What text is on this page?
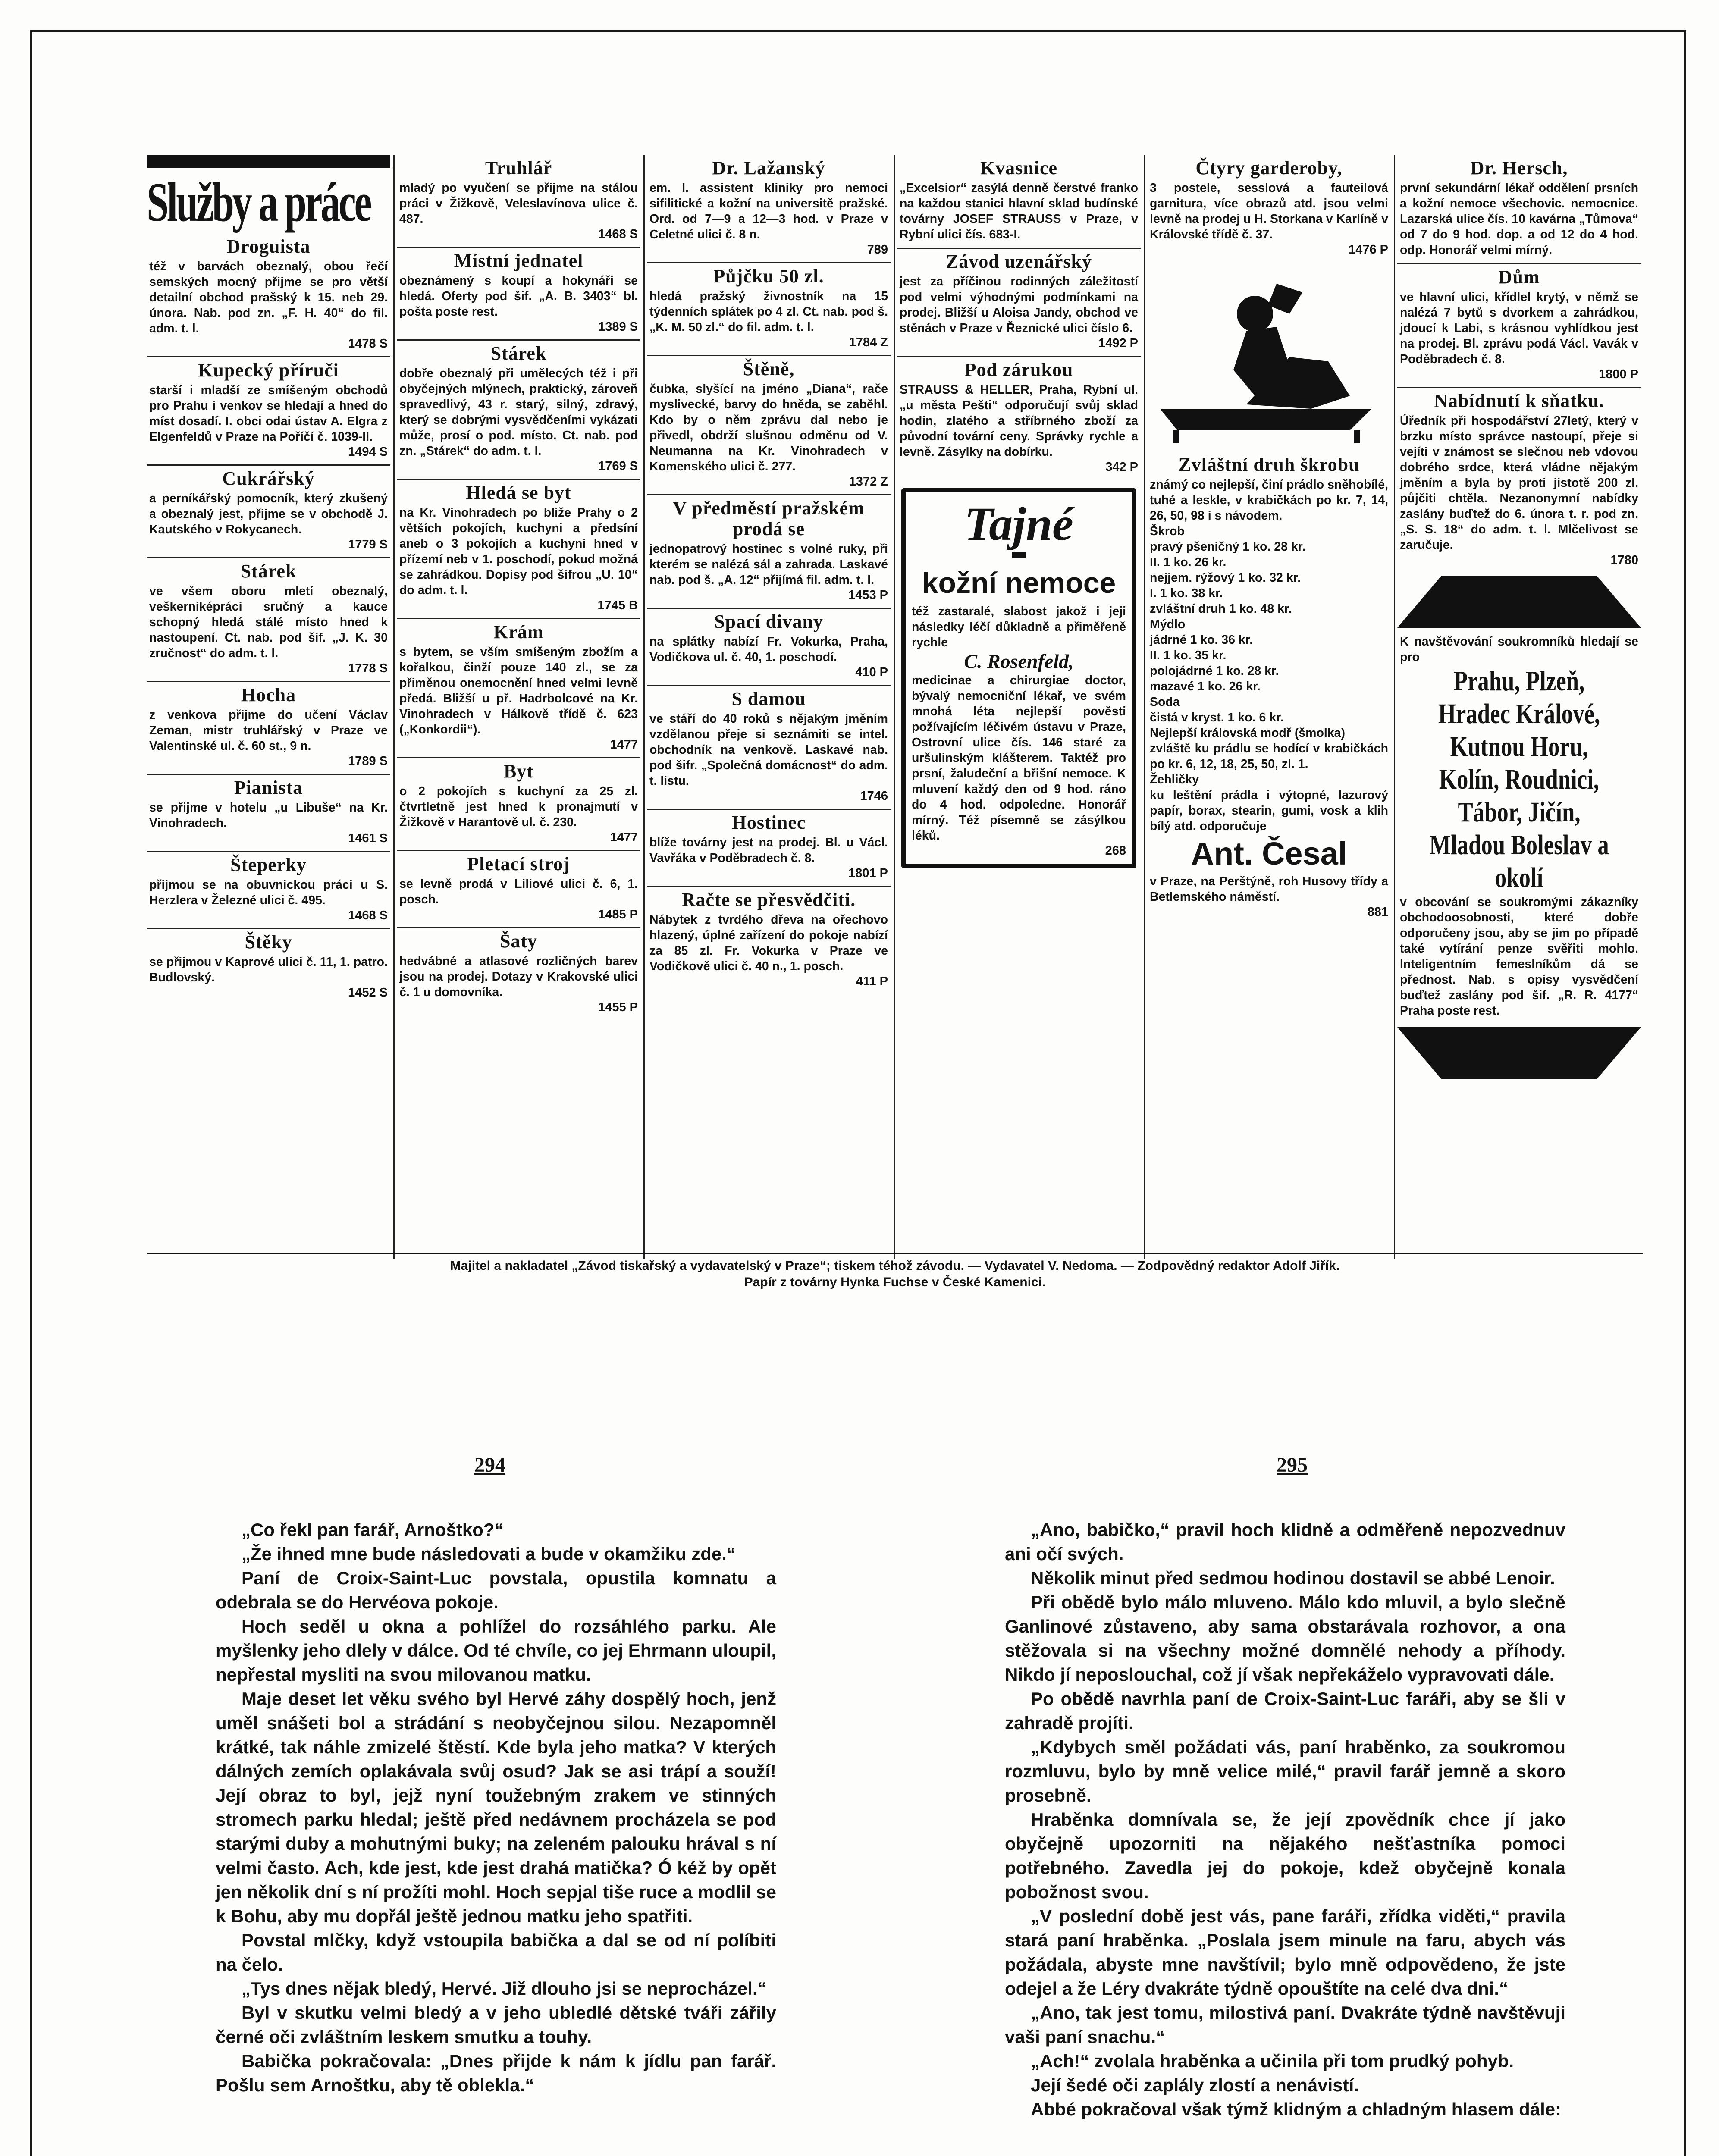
Služby a práce
Droguista

též v barvách obeznalý, obou řečí semských mocný přijme se pro větší detailní obchod prašský k 15. neb 29. února. Nab. pod zn. „F. H. 40“ do fil. adm. t. l.

1478 S
Kupecký příruči

starší i mladší ze smíšeným obchodů pro Prahu i venkov se hledají a hned do míst dosadí. I. obci odai ústav A. Elgra z Elgenfeldů v Praze na Poříčí č. 1039-II.

1494 S
Cukrářský

a perníkářský pomocník, který zkušený a obeznalý jest, přijme se v obchodě J. Kautského v Rokycanech.

1779 S
Stárek

ve všem oboru mletí obeznalý, veškerniképráci sručný a kauce schopný hledá stálé místo hned k nastoupení. Ct. nab. pod šif. „J. K. 30 zručnost“ do adm. t. l.

1778 S
Hocha

z venkova přijme do učení Václav Zeman, mistr truhlářský v Praze ve Valentinské ul. č. 60 st., 9 n.

1789 S
Pianista

se přijme v hotelu „u Libuše“ na Kr. Vinohradech.

1461 S
Šteperky

přijmou se na obuvnickou práci u S. Herzlera v Železné ulici č. 495.

1468 S
Štěky

se přijmou v Kaprové ulici č. 11, 1. patro. Budlovský.

1452 S
Truhlář

mladý po vyučení se přijme na stálou práci v Žižkově, Veleslavínova ulice č. 487.

1468 S
Místní jednatel

obeznámený s koupí a hokynáři se hledá. Oferty pod šif. „A. B. 3403“ bl. pošta poste rest.

1389 S
Stárek

dobře obeznalý při umělecých též i při obyčejných mlýnech, praktický, zároveň spravedlivý, 43 r. starý, silný, zdravý, který se dobrými vysvědčeními vykázati může, prosí o pod. místo. Ct. nab. pod zn. „Stárek“ do adm. t. l.

1769 S
Hledá se byt

na Kr. Vinohradech po bliže Prahy o 2 větších pokojích, kuchyni a předsíní aneb o 3 pokojích a kuchyni hned v přízemí neb v 1. poschodí, pokud možná se zahrádkou. Dopisy pod šifrou „U. 10“ do adm. t. l.

1745 B
Krám

s bytem, se vším smíšeným zbožím a kořalkou, činží pouze 140 zl., se za přiměnou onemocnění hned velmi levně předá. Bližší u př. Hadrbolcové na Kr. Vinohradech v Hálkově třídě č. 623 („Konkordii“).

1477
Byt

o 2 pokojích s kuchyní za 25 zl. čtvrtletně jest hned k pronajmutí v Žižkově v Harantově ul. č. 230.

1477
Pletací stroj

se levně prodá v Liliové ulici č. 6, 1. posch.

1485 P
Šaty

hedvábné a atlasové rozličných barev jsou na prodej. Dotazy v Krakovské ulici č. 1 u domovníka.

1455 P
Dr. Lažanský

em. I. assistent kliniky pro nemoci sifilitické a kožní na universitě pražské. Ord. od 7—9 a 12—3 hod. v Praze v Celetné ulici č. 8 n.

789
Půjčku 50 zl.

hledá pražský živnostník na 15 týdenních splátek po 4 zl. Ct. nab. pod š. „K. M. 50 zl.“ do fil. adm. t. l.

1784 Z
Štěně,

čubka, slyšící na jméno „Diana“, rače myslivecké, barvy do hněda, se zaběhl. Kdo by o něm zprávu dal nebo je přivedl, obdrží slušnou odměnu od V. Neumanna na Kr. Vinohradech v Komenského ulici č. 277.

1372 Z
V předměstí pražském prodá se

jednopatrový hostinec s volné ruky, při kterém se nalézá sál a zahrada. Laskavé nab. pod š. „A. 12“ přijímá fil. adm. t. l.

1453 P
Spací divany

na splátky nabízí Fr. Vokurka, Praha, Vodičkova ul. č. 40, 1. poschodí.

410 P
S damou

ve stáří do 40 roků s nějakým jměním vzdělanou přeje si seznámiti se intel. obchodník na venkově. Laskavé nab. pod šifr. „Společná domácnost“ do adm. t. listu.

1746
Hostinec

blíže továrny jest na prodej. Bl. u Václ. Vavřáka v Poděbradech č. 8.

1801 P
Račte se přesvědčiti.

Nábytek z tvrdého dřeva na ořechovo hlazený, úplné zařízení do pokoje nabízí za 85 zl. Fr. Vokurka v Praze ve Vodičkově ulici č. 40 n., 1. posch.

411 P
Kvasnice

„Excelsior“ zasýlá denně čerstvé franko na každou stanici hlavní sklad budínské továrny JOSEF STRAUSS v Praze, v Rybní ulici čís. 683-I.

Závod uzenářský

jest za příčinou rodinných záležitostí pod velmi výhodnými podmínkami na prodej. Bližší u Aloisa Jandy, obchod ve stěnách v Praze v Řeznické ulici číslo 6.

1492 P
Pod zárukou

STRAUSS & HELLER, Praha, Rybní ul. „u města Pešti“ odporučují svůj sklad hodin, zlatého a stříbrného zboží za původní tovární ceny. Správky rychle a levně. Zásylky na dobírku.

342 P
Tajné
kožní nemoce

též zastaralé, slabost jakož i jeji následky léčí důkladně a přiměřeně rychle

C. Rosenfeld,

medicinae a chirurgiae doctor, bývalý nemocniční lékař, ve svém mnohá léta nejlepší pověsti požívajícím léčivém ústavu v Praze, Ostrovní ulice čís. 146 staré za uršulinským klášterem. Taktéž pro prsní, žaludeční a břišní nemoce. K mluvení každý den od 9 hod. ráno do 4 hod. odpoledne. Honorář mírný. Též písemně se zásýlkou léků.

268
Čtyry garderoby,

3 postele, sesslová a fauteilová garnitura, více obrazů atd. jsou velmi levně na prodej u H. Storkana v Karlíně v Královské třídě č. 37.

1476 P
Zvláštní druh škrobu

známý co nejlepší, činí prádlo sněhobílé, tuhé a leskle, v krabičkách po kr. 7, 14, 26, 50, 98 i s návodem.

Škrob

pravý pšeničný 1 ko. 28 kr.

II. 1 ko. 26 kr.

nejjem. rýžový 1 ko. 32 kr.

I. 1 ko. 38 kr.

zvláštní druh 1 ko. 48 kr.

Mýdlo

jádrné 1 ko. 36 kr.

II. 1 ko. 35 kr.

polojádrné 1 ko. 28 kr.

mazavé 1 ko. 26 kr.

Soda

čistá v kryst. 1 ko. 6 kr.

Nejlepší královská modř (šmolka)

zvláště ku prádlu se hodící v krabičkách po kr. 6, 12, 18, 25, 50, zl. 1.

Žehličky

ku leštění prádla i výtopné, lazurový papír, borax, stearin, gumi, vosk a klih bílý atd. odporučuje

Ant. Česal

v Praze, na Perštýně, roh Husovy třídy a Betlemského náměstí.

881
Dr. Hersch,

první sekundární lékař oddělení prsních a kožní nemoce všechovic. nemocnice. Lazarská ulice čís. 10 kavárna „Tůmova“ od 7 do 9 hod. dop. a od 12 do 4 hod. odp. Honorář velmi mírný.

Dům

ve hlavní ulici, křídlel krytý, v němž se nalézá 7 bytů s dvorkem a zahrádkou, jdoucí k Labi, s krásnou vyhlídkou jest na prodej. Bl. zprávu podá Václ. Vavák v Poděbradech č. 8.

1800 P
Nabídnutí k sňatku.

Úředník při hospodářství 27letý, který v brzku místo správce nastoupí, přeje si vejíti v známost se slečnou neb vdovou dobrého srdce, která vládne nějakým jměním a byla by proti jistotě 200 zl. půjčiti chtěla. Nezanonymní nabídky zaslány buďtež do 6. února t. r. pod zn. „S. S. 18“ do adm. t. l. Mlčelivost se zaručuje.

1780

K navštěvování soukromníků hledají se pro

Prahu, Plzeň, Hradec Králové, Kutnou Horu, Kolín, Roudnici, Tábor, Jičín, Mladou Boleslav a okolí

v obcování se soukromými zákazníky obchodoosobnosti, které dobře odporučeny jsou, aby se jim po případě také vytírání penze svěřiti mohlo. Inteligentním femeslníkům dá se přednost. Nab. s opisy vysvědčení buďtež zaslány pod šif. „R. R. 4177“ Praha poste rest.

Majitel a nakladatel „Závod tiskařský a vydavatelský v Praze“; tiskem téhož závodu. — Vydavatel V. Nedoma. — Zodpovědný redaktor Adolf Jiřík.
Papír z továrny Hynka Fuchse v České Kamenici.
294	295

„Co řekl pan farář, Arnoštko?“

„Že ihned mne bude následovati a bude v okamžiku zde.“

Paní de Croix-Saint-Luc povstala, opustila komnatu a odebrala se do Hervéova pokoje.

Hoch seděl u okna a pohlížel do rozsáhlého parku. Ale myšlenky jeho dlely v dálce. Od té chvíle, co jej Ehrmann uloupil, nepřestal mysliti na svou milovanou matku.

Maje deset let věku svého byl Hervé záhy dospělý hoch, jenž uměl snášeti bol a strádání s neobyčejnou silou. Nezapomněl krátké, tak náhle zmizelé štěstí. Kde byla jeho matka? V kterých dálných zemích oplakávala svůj osud? Jak se asi trápí a souží! Její obraz to byl, jejž nyní toužebným zrakem ve stinných stromech parku hledal; ještě před nedávnem procházela se pod starými duby a mohutnými buky; na zeleném palouku hrával s ní velmi často. Ach, kde jest, kde jest drahá matička? Ó kéž by opět jen několik dní s ní prožíti mohl. Hoch sepjal tiše ruce a modlil se k Bohu, aby mu dopřál ještě jednou matku jeho spatřiti.

Povstal mlčky, když vstoupila babička a dal se od ní políbiti na čelo.

„Tys dnes nějak bledý, Hervé. Již dlouho jsi se neprocházel.“

Byl v skutku velmi bledý a v jeho ubledlé dětské tváři zářily černé oči zvláštním leskem smutku a touhy.

Babička pokračovala: „Dnes přijde k nám k jídlu pan farář. Pošlu sem Arnoštku, aby tě oblekla.“

„Ano, babičko,“ pravil hoch klidně a odměřeně nepozvednuv ani očí svých.

Několik minut před sedmou hodinou dostavil se abbé Lenoir.

Při obědě bylo málo mluveno. Málo kdo mluvil, a bylo slečně Ganlinové zůstaveno, aby sama obstarávala rozhovor, a ona stěžovala si na všechny možné domnělé nehody a příhody. Nikdo jí neposlouchal, což jí však nepřekáželo vypravovati dále.

Po obědě navrhla paní de Croix-Saint-Luc faráři, aby se šli v zahradě projíti.

„Kdybych směl požádati vás, paní hraběnko, za soukromou rozmluvu, bylo by mně velice milé,“ pravil farář jemně a skoro prosebně.

Hraběnka domnívala se, že její zpovědník chce jí jako obyčejně upozorniti na nějakého nešťastníka pomoci potřebného. Zavedla jej do pokoje, kdež obyčejně konala pobožnost svou.

„V poslední době jest vás, pane faráři, zřídka viděti,“ pravila stará paní hraběnka. „Poslala jsem minule na faru, abych vás požádala, abyste mne navštívil; bylo mně odpovědeno, že jste odejel a že Léry dvakráte týdně opouštíte na celé dva dni.“

„Ano, tak jest tomu, milostivá paní. Dvakráte týdně navštěvuji vaši paní snachu.“

„Ach!“ zvolala hraběnka a učinila při tom prudký pohyb.

Její šedé oči zaplály zlostí a nenávistí.

Abbé pokračoval však týmž klidným a chladným hlasem dále:
